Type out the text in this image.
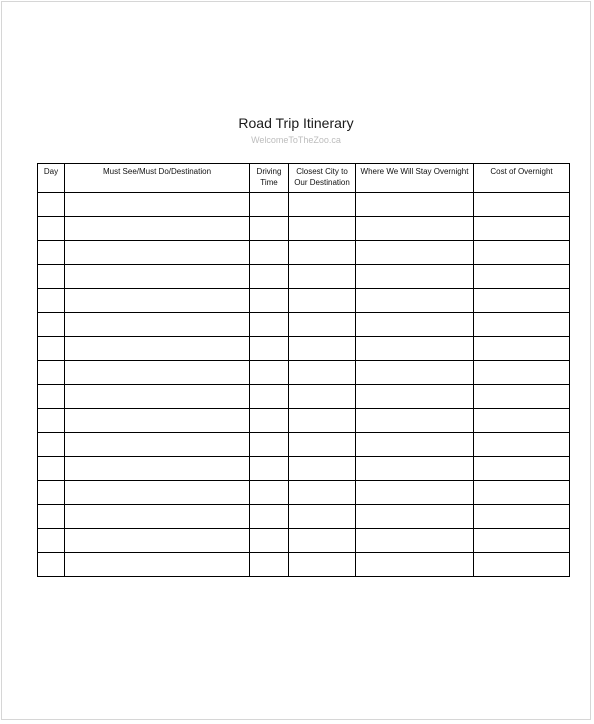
Road Trip Itinerary
WelcomeToTheZoo.ca
Day	Must See/Must Do/Destination	Driving Time	Closest City to Our Destination	Where We Will Stay Overnight	Cost of Overnight
